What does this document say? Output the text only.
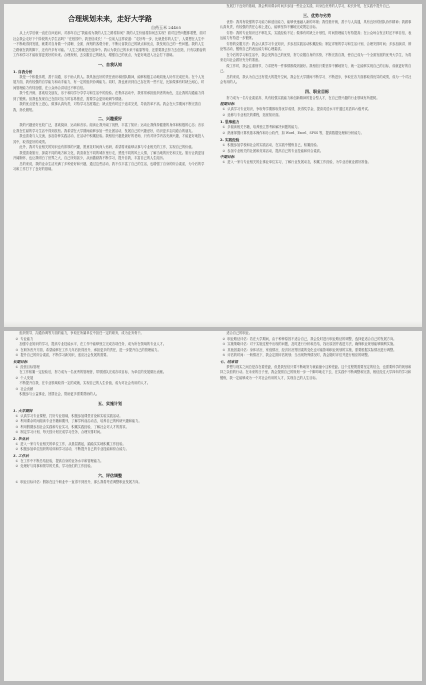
合理规划未来，走好大学路
自药玉米 24405
从上大学后就一直在自问追问，对那年自己“我能成为我的人生之路将如何？我的人生价值将如何去实现？面对这些问题都着想，面对社会我会走好下个阶段的大学生活吗？”在校园中，我坚信成长！”一位前人这样说道：“走好每一步，比就是你的人生”，人要想在人生中一不断地得到发展，就要对自身做一个清晰、全面、深刻的客观分析，不断反省我自己的缺点和优点，我发现自己的一些问题。我的人生之路就在我的脚下，还有许多有可能。”人生之路就是在选择中。我认为我自己的未来不能靠等待，还需要我去努力去创造，只有以勤奋的工作和学习才能取得更美好的未来。合理规划，去克服自己的缺点，增强自己的优点，为更好地进入社会打下基础。
一、自我认知
1. 自我分析
我是一个积极乐观、善于沟通、乐于助人的人。我具备良好的责任意识和团队精神，能够积极主动地同他人协作完成任务。在个人发展方面，我有较强的自学能力和动手能力，有一定的组织协调能力。同时，我也意识到自己存在的一些不足，比如做事有时缺乏耐心，时间管理能力有待加强，在公众场合讲话还不够自信。
我个性开朗，喜欢结交朋友，乐于和同学分享学习和生活中的经验。在集体活动中，我常常承担组织者的角色，这让我的沟通能力得到了锻炼。但我也发现自己在面对压力时容易焦虑，需要学会更好地调节情绪。
我的优点是有上进心，做事认真负责，对待学习态度端正；缺点是有时过于追求完美，导致效率不高。我会在大学期间不断完善自我，扬长避短。
二、兴趣爱好
我的兴趣爱好比较广泛，喜欢阅读、运动和音乐。阅读让我开阔了视野，丰富了知识；运动让我保持健康的身体和积极的心态；音乐让我在忙碌的学习生活中得到放松。我希望在大学期间能够参加一些社团活动，发展自己的兴趣爱好，结识更多志同道合的朋友。
我也喜欢与人交流，参加各种实践活动，在活动中积累经验。我相信兴趣是最好的老师，只有对所学内容充满兴趣，才能更好地投入其中，取得更好的成绩。
此外，我对专业相关的知识也有浓厚的兴趣，愿意花时间深入钻研，希望将来能够从事与专业相关的工作，实现自己的价值。
我很喜欢旅行，探索不同的地方和文化，我喜欢在不同的城市里行走，感受不同的风土人情，了解当地的历史和文化。旅行让我更加开阔胸怀，也让我明白了世界之大，自己所知甚少，从而激励我不断学习，提升自我，丰富自己的人生阅历。
总的来说，我的业余生活充满了多种爱好和兴趣，通过这些活动，我不仅丰富了自己的生活，也增强了自身的综合素质，为今后的学习和工作打下了良好的基础。
发展打下良好的基础，我会利用课余时间多参加一些社会实践，向身边优秀的人学习，取长补短，在实践中提升自己。
三、优势与劣势
优势：我具有较强的学习能力和适应能力，能够快速融入新的环境；我性格开朗，善于与人沟通，具有良好的团队协作精神；我做事认真负责，有较强的责任心和上进心，能够坚持不懈地完成既定目标。
劣势：我的专业知识还不够扎实，实践经验不足；做事有时缺乏计划性，时间管理能力有待提高；在公众场合发言时还不够自信，表达能力有待进一步锻炼。
劣势的克服方法：我会认真学习专业知识，多参加实践活动积累经验；制定详细的学习和生活计划，合理安排时间；多参加演讲、辩论等活动，锻炼自己的表达能力和心理素质。
在今后的学习和生活中，我会发挥自己的优势，努力克服自身的劣势，不断完善自我，使自己成为一个全面发展的优秀大学生，为将来走向社会做好充分的准备。
做工作时，我会注重细节，力求把每一件事情都做到最好。我相信只要坚持不懈地努力，就一定能够实现自己的目标，成就更好的自己。
总的来说，我认为自己还有很大的提升空间，我会在大学期间不断学习、不断进步，争取在各方面都取得优异的成绩，成为一个对社会有用的人。
四、职业目标
努力成为一名专业素质高、具有较强实践能力和创新精神的复合型人才，在自己感兴趣的行业领域有所建树。
短期目标
① 认真学习专业知识，争取每学期都取得优异成绩，获得奖学金，提高英语水平并通过英语四六级考试。
② 选修与专业相关的课程，拓宽知识面。
1. 思维能力
① 多阅读相关书籍，培养独立思考和解决问题的能力。
② 熟练掌握计算机基本操作和办公软件，如 Word、Excel、SPSS 等，提高数据处理和分析能力。
2. 实践经验
① 积极参加学校和社会的实践活动，在实践中锻炼自己，积累经验。
② 参加专业相关的社团和竞赛活动，提高自己的专业技能和综合素质。
中期目标
① 进入一家与专业相关的企事业单位实习，了解行业发展动态，积累工作经验，为毕业后就业做好准备。
组织领导、沟通协调等方面的能力，争取在所属单位中担任一定的职务，成为业务骨干。
② 专业能力
加强专业知识的学习，提高专业技能水平，在工作中能够独立完成各项任务，成为所在领域的专业人才。
③ 在职务晋升方面，希望能够在工作几年后获得晋升，承担更多的责任，进一步提升自己的管理能力。
④ 提升自己的综合素质，不断学习新知识，适应社会发展的需要。
长期目标
① 经营目标管理
在工作积累一定经验后，努力成为一名优秀的管理者，带领团队完成各项目标，为单位的发展做出贡献。
② 个人发展
不断提升自我，在专业领域取得一定的成就，实现自己的人生价值，成为对社会有用的人才。
③ 社会贡献
积极参与公益事业，回馈社会，帮助更多需要帮助的人。
五、实施计划
1. 大学期间
① 认真学习专业课程，打好专业基础，积极参加课堂讨论和实验实践活动。
② 利用课余时间阅读专业书籍和期刊，了解学科前沿动态，培养自己的科研兴趣和能力。
③ 利用假期参加社会实践和专业实习，积累实践经验，了解社会对人才的需求。
④ 制定学习计划，每天按计划完成学习任务，合理安排时间。
2. 毕业后
① 进入一家与专业相关的单位工作，从基层做起，踏踏实实地积累工作经验。
② 积极参加单位组织的培训和学习活动，不断提升自己的专业技能和综合能力。
3. 工作后
① 在工作中不断总结经验，提高自身的业务水平和管理能力。
② 处理好与同事和领导的关系，学习他们的工作经验。
六、评估调整
① 职业目标评估：假如在这个职业中一直得不到晋升，那么我将考虑调整职业发展方向。
适合自己的职业。
② 职业路径评估：若在大学期间，由于种种原因不适合自己，我会及时进行职业路径的调整，选择更适合自己的发展方向。
③ 实施策略评估：对于实施过程中出现的问题，及时进行分析和总结，找出原因并改进方法，确保职业规划能够顺利实施。
④ 其他因素评估：身体状况、家庭情况、经济状况等因素的变化也可能影响职业规划的实施，需要根据实际情况进行调整。
⑤ 评估的时间：一般情况下，我会定期评估规划；当出现特殊情况时，我会随时评估并进行相应的调整。
七、结束语
梦想与现实之间总是存在着差距，但是我坚信只要不断地努力就能缩小这种差距。这个过程既需要坚定的信念，也需要科学的规划和持之以恒的行动。在未来的日子里，我会按照自己的规划一步一个脚印地走下去，在实践中不断调整和完善，相信经过大学四年的学习和锻炼，我一定能够成为一个对社会有用的人才，实现自己的人生目标。
